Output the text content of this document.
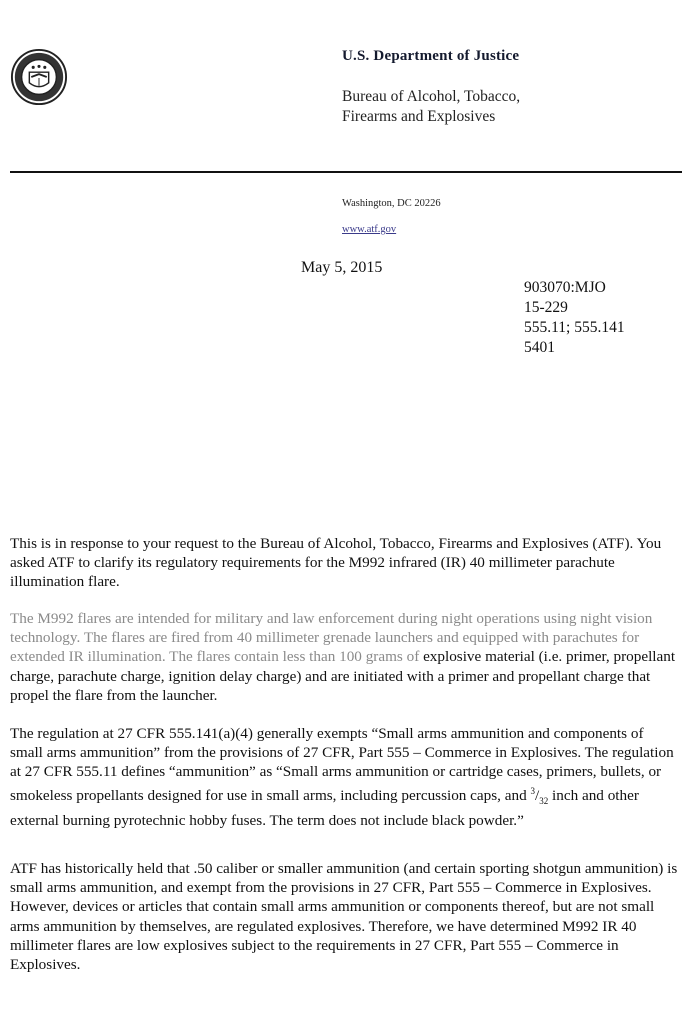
U.S. Department of Justice
Bureau of Alcohol, Tobacco,
Firearms and Explosives
Washington, DC 20226
www.atf.gov
May 5, 2015
903070:MJO
15-229
555.11; 555.141
5401
This is in response to your request to the Bureau of Alcohol, Tobacco, Firearms and Explosives (ATF). You asked ATF to clarify its regulatory requirements for the M992 infrared (IR) 40 millimeter parachute illumination flare.
The M992 flares are intended for military and law enforcement during night operations using night vision technology. The flares are fired from 40 millimeter grenade launchers and equipped with parachutes for extended IR illumination. The flares contain less than 100 grams of explosive material (i.e. primer, propellant charge, parachute charge, ignition delay charge) and are initiated with a primer and propellant charge that propel the flare from the launcher.
The regulation at 27 CFR 555.141(a)(4) generally exempts “Small arms ammunition and components of small arms ammunition” from the provisions of 27 CFR, Part 555 – Commerce in Explosives. The regulation at 27 CFR 555.11 defines “ammunition” as “Small arms ammunition or cartridge cases, primers, bullets, or smokeless propellants designed for use in small arms, including percussion caps, and $^3/_{32}$ inch and other external burning pyrotechnic hobby fuses. The term does not include black powder.”
ATF has historically held that .50 caliber or smaller ammunition (and certain sporting shotgun ammunition) is small arms ammunition, and exempt from the provisions in 27 CFR, Part 555 – Commerce in Explosives. However, devices or articles that contain small arms ammunition or components thereof, but are not small arms ammunition by themselves, are regulated explosives. Therefore, we have determined M992 IR 40 millimeter flares are low explosives subject to the requirements in 27 CFR, Part 555 – Commerce in Explosives.
